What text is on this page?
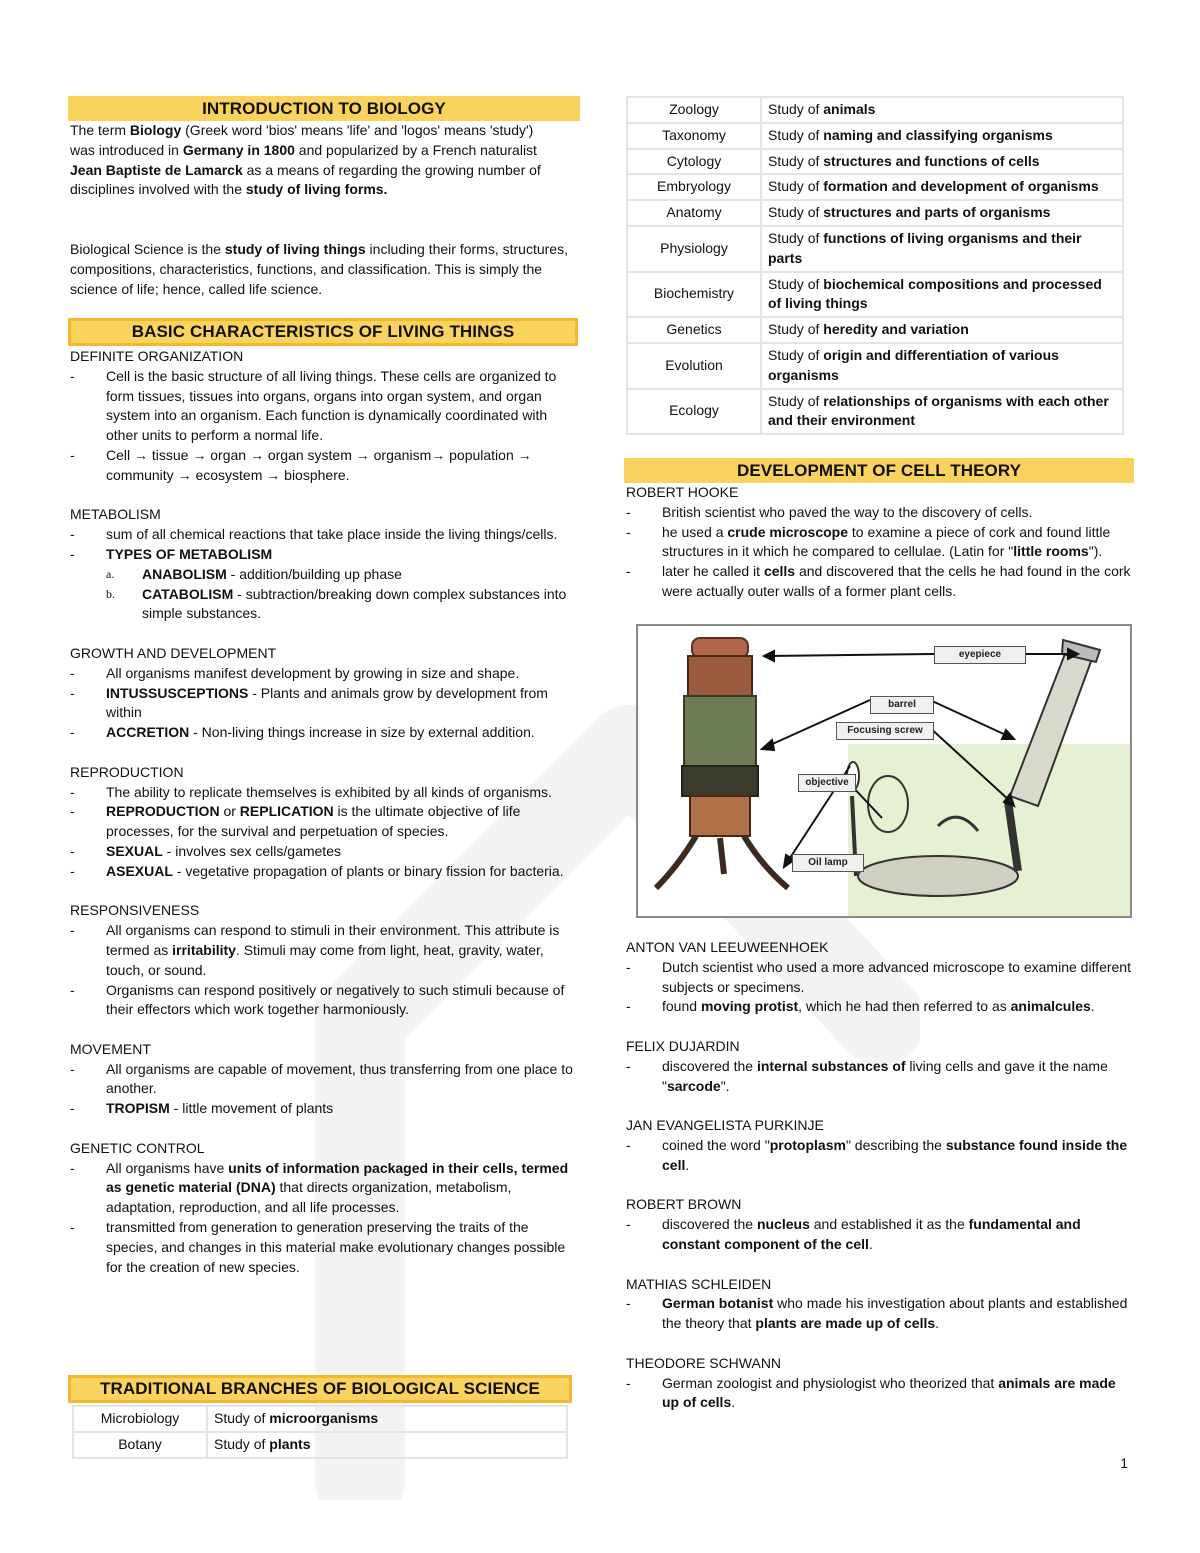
INTRODUCTION TO BIOLOGY

The term Biology (Greek word 'bios' means 'life' and 'logos' means 'study') was introduced in Germany in 1800 and popularized by a French naturalist Jean Baptiste de Lamarck as a means of regarding the growing number of disciplines involved with the study of living forms.

Biological Science is the study of living things including their forms, structures, compositions, characteristics, functions, and classification. This is simply the science of life; hence, called life science.

BASIC CHARACTERISTICS OF LIVING THINGS

DEFINITE ORGANIZATION

- Cell is the basic structure of all living things. These cells are organized to form tissues, tissues into organs, organs into organ system, and organ system into an organism. Each function is dynamically coordinated with other units to perform a normal life.
- Cell → tissue → organ → organ system → organism→ population → community → ecosystem → biosphere.

METABOLISM

- sum of all chemical reactions that take place inside the living things/cells.
- TYPES OF METABOLISM
a. ANABOLISM - addition/building up phase
b. CATABOLISM - subtraction/breaking down complex substances into simple substances.

GROWTH AND DEVELOPMENT

- All organisms manifest development by growing in size and shape.
- INTUSSUSCEPTIONS - Plants and animals grow by development from within
- ACCRETION - Non-living things increase in size by external addition.

REPRODUCTION

- The ability to replicate themselves is exhibited by all kinds of organisms.
- REPRODUCTION or REPLICATION is the ultimate objective of life processes, for the survival and perpetuation of species.
- SEXUAL - involves sex cells/gametes
- ASEXUAL - vegetative propagation of plants or binary fission for bacteria.

RESPONSIVENESS

- All organisms can respond to stimuli in their environment. This attribute is termed as irritability. Stimuli may come from light, heat, gravity, water, touch, or sound.
- Organisms can respond positively or negatively to such stimuli because of their effectors which work together harmoniously.

MOVEMENT

- All organisms are capable of movement, thus transferring from one place to another.
- TROPISM - little movement of plants

GENETIC CONTROL

- All organisms have units of information packaged in their cells, termed as genetic material (DNA) that directs organization, metabolism, adaptation, reproduction, and all life processes.
- transmitted from generation to generation preserving the traits of the species, and changes in this material make evolutionary changes possible for the creation of new species.
TRADITIONAL BRANCHES OF BIOLOGICAL SCIENCE
Microbiology	Study of microorganisms
Botany	Study of plants
Zoology	Study of animals
Taxonomy	Study of naming and classifying organisms
Cytology	Study of structures and functions of cells
Embryology	Study of formation and development of organisms
Anatomy	Study of structures and parts of organisms
Physiology	Study of functions of living organisms and their parts
Biochemistry	Study of biochemical compositions and processed of living things
Genetics	Study of heredity and variation
Evolution	Study of origin and differentiation of various organisms
Ecology	Study of relationships of organisms with each other and their environment
DEVELOPMENT OF CELL THEORY

ROBERT HOOKE

- British scientist who paved the way to the discovery of cells.
- he used a crude microscope to examine a piece of cork and found little structures in it which he compared to cellulae. (Latin for "little rooms").
- later he called it cells and discovered that the cells he had found in the cork were actually outer walls of a former plant cells.
eyepiece
barrel
Focusing screw
objective
Oil lamp

ANTON VAN LEEUWEENHOEK

- Dutch scientist who used a more advanced microscope to examine different subjects or specimens.
- found moving protist, which he had then referred to as animalcules.

FELIX DUJARDIN

- discovered the internal substances of living cells and gave it the name "sarcode".

JAN EVANGELISTA PURKINJE

- coined the word "protoplasm" describing the substance found inside the cell.

ROBERT BROWN

- discovered the nucleus and established it as the fundamental and constant component of the cell.

MATHIAS SCHLEIDEN

- German botanist who made his investigation about plants and established the theory that plants are made up of cells.

THEODORE SCHWANN

- German zoologist and physiologist who theorized that animals are made up of cells.
1
